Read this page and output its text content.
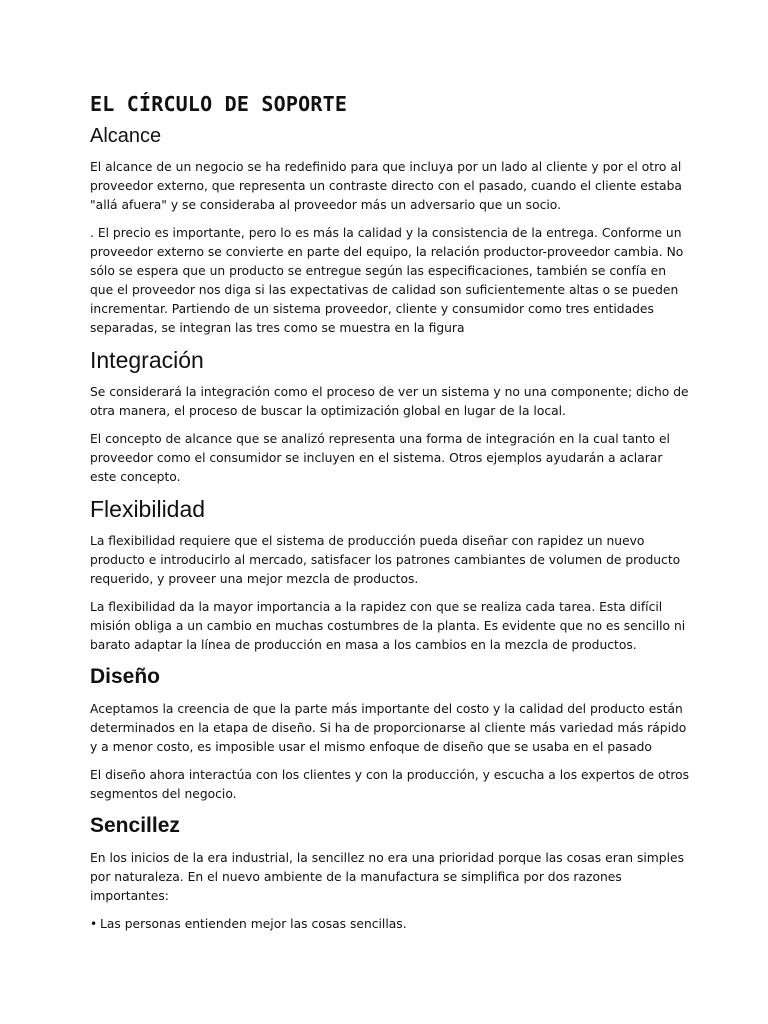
EL CÍRCULO DE SOPORTE
Alcance

El alcance de un negocio se ha redefinido para que incluya por un lado al cliente y por el otro al proveedor externo, que representa un contraste directo con el pasado, cuando el cliente estaba "allá afuera" y se consideraba al proveedor más un adversario que un socio.

. El precio es importante, pero lo es más la calidad y la consistencia de la entrega. Conforme un proveedor externo se convierte en parte del equipo, la relación productor-proveedor cambia. No sólo se espera que un producto se entregue según las especificaciones, también se confía en que el proveedor nos diga si las expectativas de calidad son suficientemente altas o se pueden incrementar. Partiendo de un sistema proveedor, cliente y consumidor como tres entidades separadas, se integran las tres como se muestra en la figura

Integración

Se considerará la integración como el proceso de ver un sistema y no una componente; dicho de otra manera, el proceso de buscar la optimización global en lugar de la local.

El concepto de alcance que se analizó representa una forma de integración en la cual tanto el proveedor como el consumidor se incluyen en el sistema. Otros ejemplos ayudarán a aclarar este concepto.

Flexibilidad

La flexibilidad requiere que el sistema de producción pueda diseñar con rapidez un nuevo producto e introducirlo al mercado, satisfacer los patrones cambiantes de volumen de producto requerido, y proveer una mejor mezcla de productos.

La flexibilidad da la mayor importancia a la rapidez con que se realiza cada tarea. Esta difícil misión obliga a un cambio en muchas costumbres de la planta. Es evidente que no es sencillo ni barato adaptar la línea de producción en masa a los cambios en la mezcla de productos.

Diseño

Aceptamos la creencia de que la parte más importante del costo y la calidad del producto están determinados en la etapa de diseño. Si ha de proporcionarse al cliente más variedad más rápido y a menor costo, es imposible usar el mismo enfoque de diseño que se usaba en el pasado

El diseño ahora interactúa con los clientes y con la producción, y escucha a los expertos de otros segmentos del negocio.

Sencillez

En los inicios de la era industrial, la sencillez no era una prioridad porque las cosas eran simples por naturaleza. En el nuevo ambiente de la manufactura se simplifica por dos razones importantes:

• Las personas entienden mejor las cosas sencillas.
